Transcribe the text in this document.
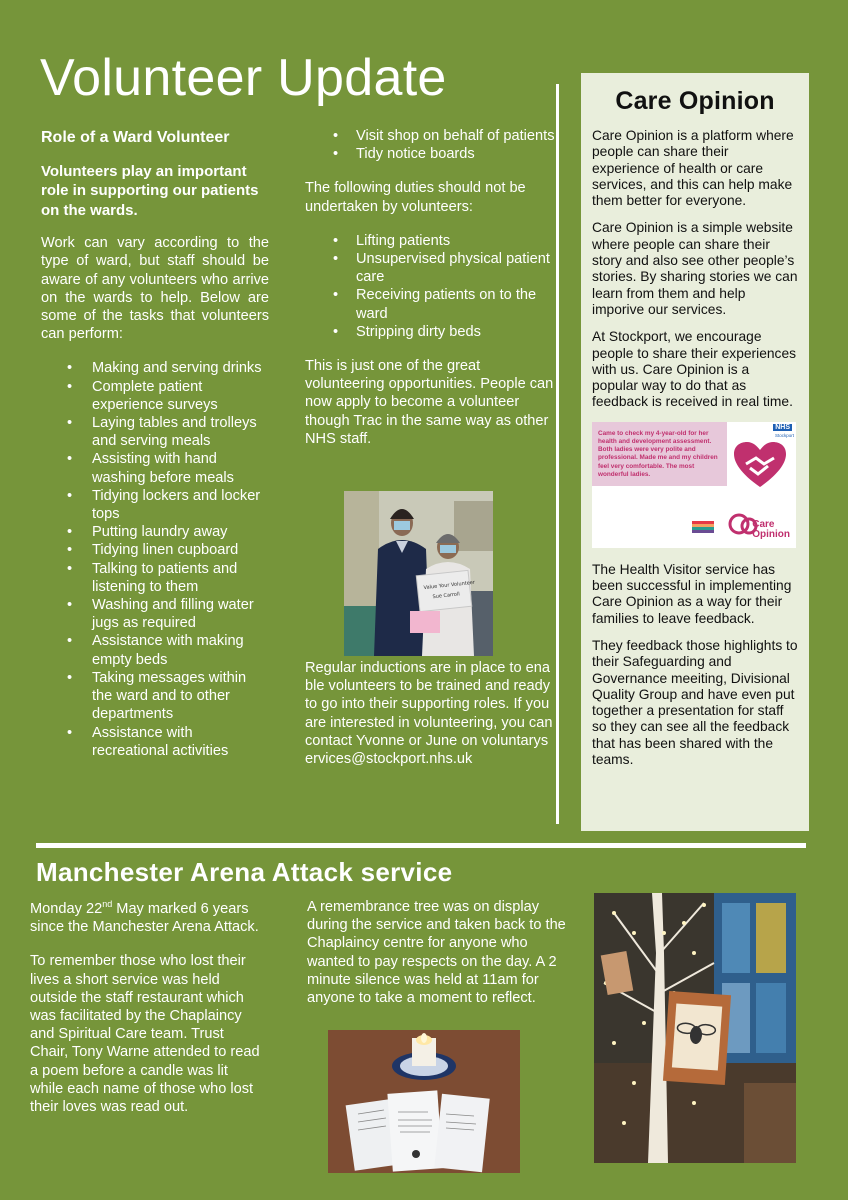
Volunteer Update
Role of a Ward Volunteer

Volunteers play an important role in supporting our patients on the wards.

Work can vary according to the type of ward, but staff should be aware of any volunteers who arrive on the wards to help. Below are some of the tasks that volunteers can perform:

• Making and serving drinks
• Complete patient experience surveys
• Laying tables and trolleys and serving meals
• Assisting with hand washing before meals
• Tidying lockers and locker tops
• Putting laundry away
• Tidying linen cupboard
• Talking to patients and listening to them
• Washing and filling water jugs as required
• Assistance with making empty beds
• Taking messages within the ward and to other departments
• Assistance with recreational activities
• Visit shop on behalf of patients
• Tidy notice boards

The following duties should not be undertaken by volunteers:

• Lifting patients
• Unsupervised physical patient care
• Receiving patients on to the ward
• Stripping dirty beds

This is just one of the great volunteering opportunities. People can now apply to become a volunteer though Trac in the same way as other NHS staff.

Value Your Volunteer
Sue Carroll

Regular inductions are in place to enable volunteers to be trained and ready to go into their supporting roles. If you are interested in volunteering, you can contact Yvonne or June on voluntaryservices@stockport.nhs.uk

Care Opinion

Care Opinion is a platform where people can share their experience of health or care services, and this can help make them better for everyone.

Care Opinion is a simple website where people can share their story and also see other people’s stories. By sharing stories we can learn from them and help imporive our services.

At Stockport, we encourage people to share their experiences with us. Care Opinion is a popular way to do that as feedback is received in real time.

Came to check my 4-year-old for her health and development assessment. Both ladies were very polite and professional. Made me and my children feel very comfortable. The most wonderful ladies.
NHS
Stockport
Care
Opinion

The Health Visitor service has been successful in implementing Care Opinion as a way for their families to leave feedback.

They feedback those highlights to their Safeguarding and Governance meeiting, Divisional Quality Group and have even put together a presentation for staff so they can see all the feedback that has been shared with the teams.

Manchester Arena Attack service

Monday 22nd May marked 6 years since the Manchester Arena Attack.

To remember those who lost their lives a short service was held outside the staff restaurant which was facilitated by the Chaplaincy and Spiritual Care team. Trust Chair, Tony Warne attended to read a poem before a candle was lit while each name of those who lost their loves was read out.

A remembrance tree was on display during the service and taken back to the Chaplaincy centre for anyone who wanted to pay respects on the day. A 2 minute silence was held at 11am for anyone to take a moment to reflect.
